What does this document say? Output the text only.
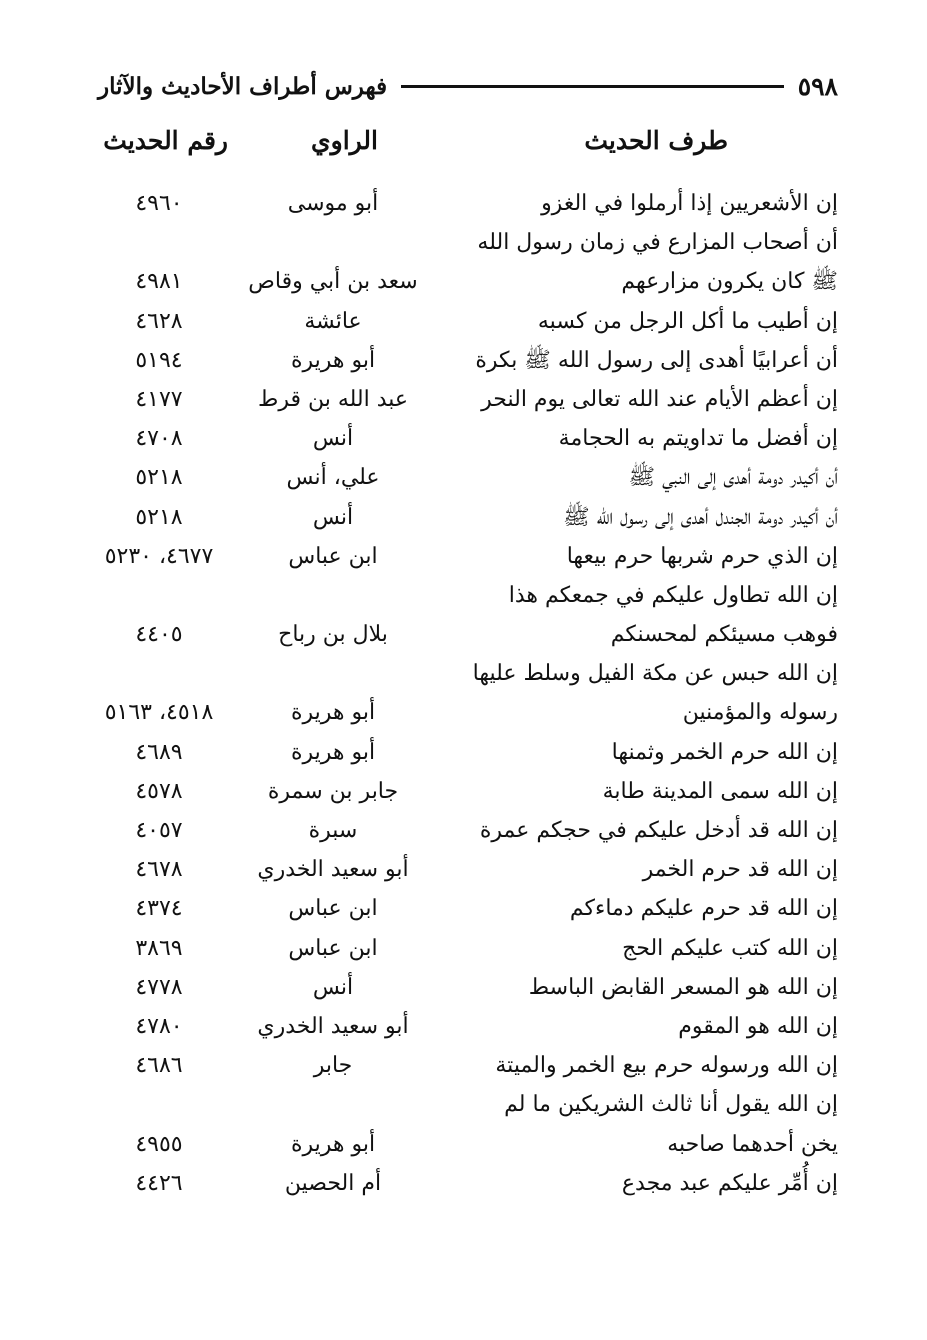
٥٩٨
فهرس أطراف الأحاديث والآثار
طرف الحديث
الراوي
رقم الحديث
إن الأشعريين إذا أرملوا في الغزو
أبو موسى
٤٩٦٠
أن أصحاب المزارع في زمان رسول الله
ﷺ كان يكرون مزارعهم
سعد بن أبي وقاص
٤٩٨١
إن أطيب ما أكل الرجل من كسبه
عائشة
٤٦٢٨
أن أعرابيًا أهدى إلى رسول الله ﷺ بكرة
أبو هريرة
٥١٩٤
إن أعظم الأيام عند الله تعالى يوم النحر
عبد الله بن قرط
٤١٧٧
إن أفضل ما تداويتم به الحجامة
أنس
٤٧٠٨
أن أكيدر دومة أهدى إلى النبي ﷺ
علي، أنس
٥٢١٨
أن أكيدر دومة الجندل أهدى إلى رسول الله ﷺ
أنس
٥٢١٨
إن الذي حرم شربها حرم بيعها
ابن عباس
٤٦٧٧، ٥٢٣٠
إن الله تطاول عليكم في جمعكم هذا
فوهب مسيئكم لمحسنكم
بلال بن رباح
٤٤٠٥
إن الله حبس عن مكة الفيل وسلط عليها
رسوله والمؤمنين
أبو هريرة
٤٥١٨، ٥١٦٣
إن الله حرم الخمر وثمنها
أبو هريرة
٤٦٨٩
إن الله سمى المدينة طابة
جابر بن سمرة
٤٥٧٨
إن الله قد أدخل عليكم في حجكم عمرة
سبرة
٤٠٥٧
إن الله قد حرم الخمر
أبو سعيد الخدري
٤٦٧٨
إن الله قد حرم عليكم دماءكم
ابن عباس
٤٣٧٤
إن الله كتب عليكم الحج
ابن عباس
٣٨٦٩
إن الله هو المسعر القابض الباسط
أنس
٤٧٧٨
إن الله هو المقوم
أبو سعيد الخدري
٤٧٨٠
إن الله ورسوله حرم بيع الخمر والميتة
جابر
٤٦٨٦
إن الله يقول أنا ثالث الشريكين ما لم
يخن أحدهما صاحبه
أبو هريرة
٤٩٥٥
إن أُمِّر عليكم عبد مجدع
أم الحصين
٤٤٢٦
